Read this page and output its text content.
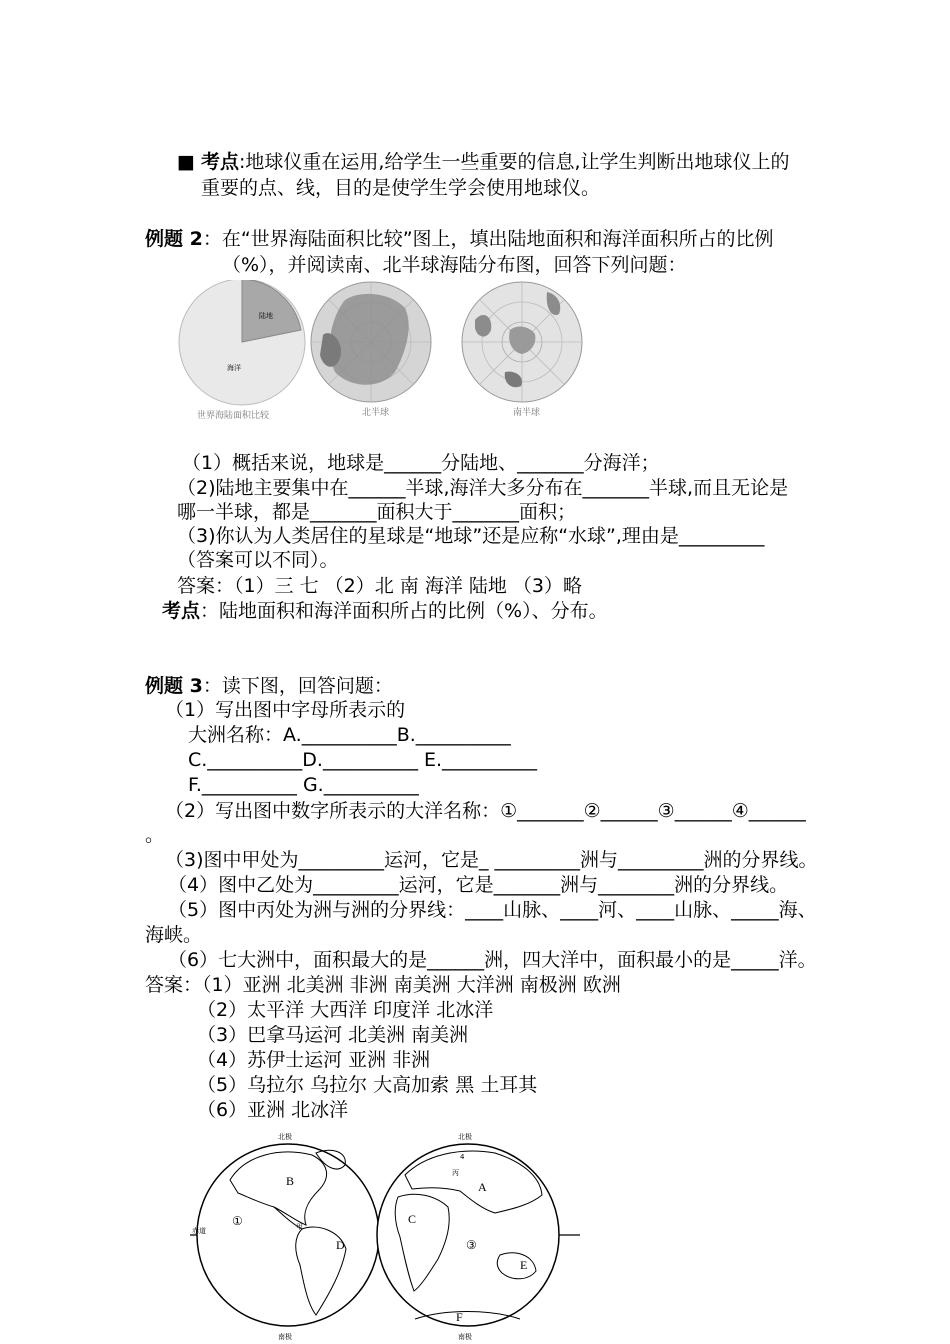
■ 考点:地球仪重在运用,给学生一些重要的信息,让学生判断出地球仪上的
重要的点、线，目的是使学生学会使用地球仪。
例题 2：在“世界海陆面积比较”图上，填出陆地面积和海洋面积所占的比例
（%），并阅读南、北半球海陆分布图，回答下列问题：
陆地
海洋
世界海陆面积比较	北半球	南半球
（1）概括来说，地球是______分陆地、_______分海洋；
（2)陆地主要集中在______半球,海洋大多分布在_______半球,而且无论是
哪一半球，都是_______面积大于_______面积；
（3)你认为人类居住的星球是“地球”还是应称“水球”,理由是_________
（答案可以不同）。
答案：（1）三 七 （2）北 南 海洋 陆地 （3）略
考点：陆地面积和海洋面积所占的比例（%）、分布。
例题 3：读下图，回答问题：
（1）写出图中字母所表示的
大洲名称：A.__________B.__________
C.__________D.__________ E.__________
F.__________ G.__________
（2）写出图中数字所表示的大洋名称：①_______②______③______④______
。
（3)图中甲处为_________运河，它是_ _________洲与_________洲的分界线。
（4）图中乙处为_________运河，它是_______洲与________洲的分界线。
（5）图中丙处为洲与洲的分界线：____山脉、____河、____山脉、_____海、
海峡。
（6）七大洲中，面积最大的是______洲，四大洋中，面积最小的是_____洋。
答案：（1）亚洲 北美洲 非洲 南美洲 大洋洲 南极洲 欧洲
（2）太平洋 大西洋 印度洋 北冰洋
（3）巴拿马运河 北美洲 南美洲
（4）苏伊士运河 亚洲 非洲
（5）乌拉尔 乌拉尔 大高加索 黑 土耳其
（6）亚洲 北冰洋
北极
南极
赤道
B
D
①	甲
北极
南极
A
C
E
F
③
4
丙
